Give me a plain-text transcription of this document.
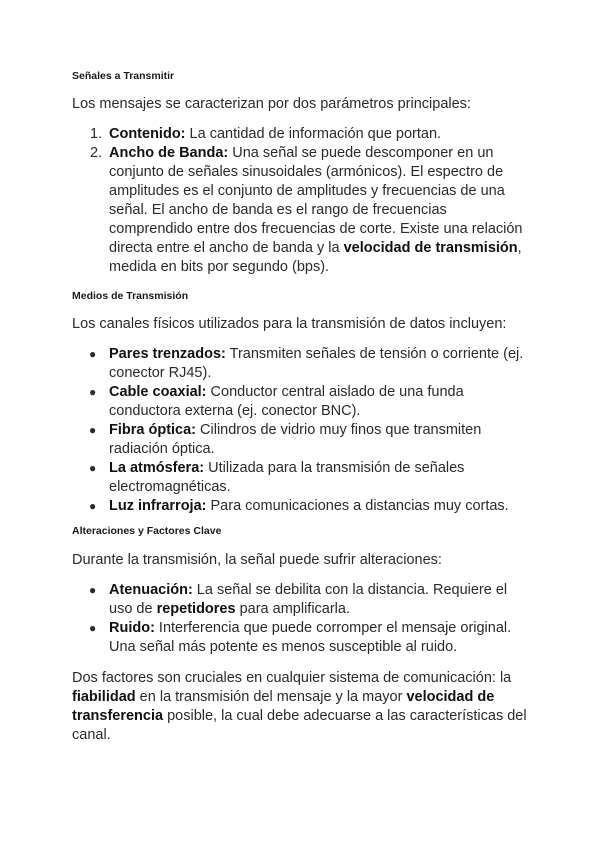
Señales a Transmitir

Los mensajes se caracterizan por dos parámetros principales:

1. Contenido: La cantidad de información que portan.
2. Ancho de Banda: Una señal se puede descomponer en un conjunto de señales sinusoidales (armónicos). El espectro de amplitudes es el conjunto de amplitudes y frecuencias de una señal. El ancho de banda es el rango de frecuencias comprendido entre dos frecuencias de corte. Existe una relación directa entre el ancho de banda y la velocidad de transmisión, medida en bits por segundo (bps).
Medios de Transmisión

Los canales físicos utilizados para la transmisión de datos incluyen:

● Pares trenzados: Transmiten señales de tensión o corriente (ej. conector RJ45).
● Cable coaxial: Conductor central aislado de una funda conductora externa (ej. conector BNC).
● Fibra óptica: Cilindros de vidrio muy finos que transmiten radiación óptica.
● La atmósfera: Utilizada para la transmisión de señales electromagnéticas.
● Luz infrarroja: Para comunicaciones a distancias muy cortas.
Alteraciones y Factores Clave

Durante la transmisión, la señal puede sufrir alteraciones:

● Atenuación: La señal se debilita con la distancia. Requiere el uso de repetidores para amplificarla.
● Ruido: Interferencia que puede corromper el mensaje original. Una señal más potente es menos susceptible al ruido.

Dos factores son cruciales en cualquier sistema de comunicación: la fiabilidad en la transmisión del mensaje y la mayor velocidad de transferencia posible, la cual debe adecuarse a las características del canal.
